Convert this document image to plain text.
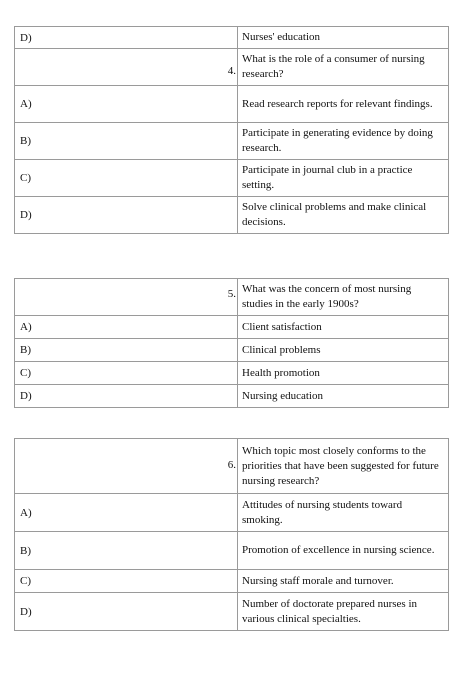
D)	Nurses' education

4.	What is the role of a consumer of nursing research?
A)	Read research reports for relevant findings.
B)	Participate in generating evidence by doing research.
C)	Participate in journal club in a practice setting.
D)	Solve clinical problems and make clinical decisions.
5.	What was the concern of most nursing studies in the early 1900s?
A)	Client satisfaction
B)	Clinical problems
C)	Health promotion
D)	Nursing education
6.	Which topic most closely conforms to the priorities that have been suggested for future nursing research?
A)	Attitudes of nursing students toward smoking.
B)	Promotion of excellence in nursing science.
C)	Nursing staff morale and turnover.
D)	Number of doctorate prepared nurses in various clinical specialties.
